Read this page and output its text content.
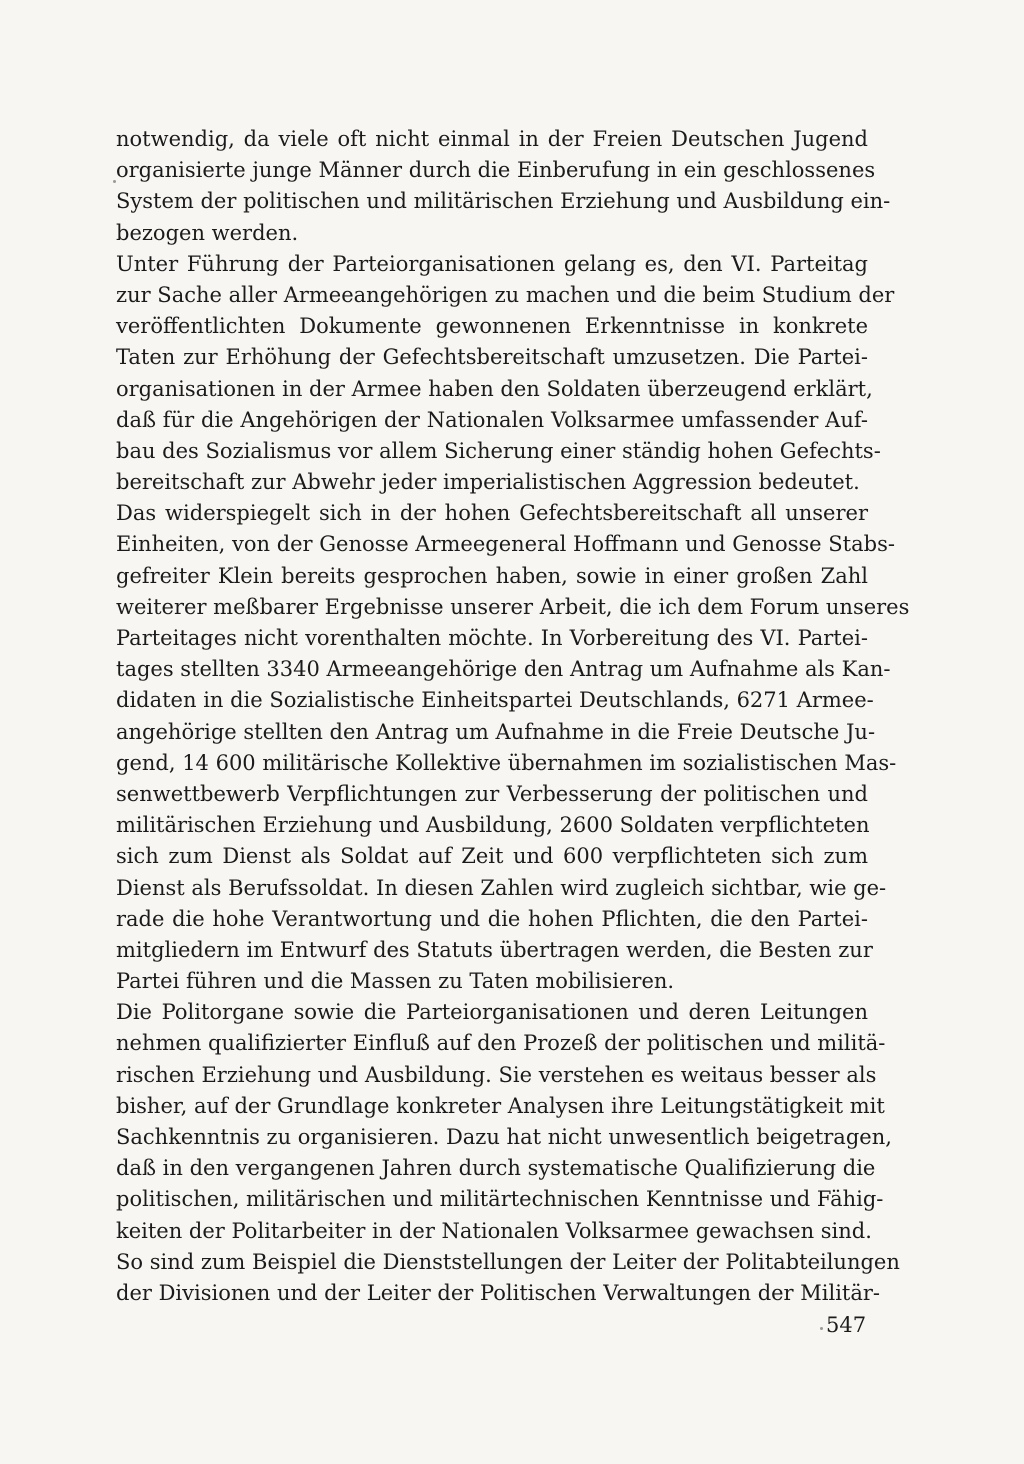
notwendig, da viele oft nicht einmal in der Freien Deutschen Jugend
organisierte junge Männer durch die Einberufung in ein geschlossenes
System der politischen und militärischen Erziehung und Ausbildung ein-
bezogen werden.
Unter Führung der Parteiorganisationen gelang es, den VI. Parteitag
zur Sache aller Armeeangehörigen zu machen und die beim Studium der
veröffentlichten Dokumente gewonnenen Erkenntnisse in konkrete
Taten zur Erhöhung der Gefechtsbereitschaft umzusetzen. Die Partei-
organisationen in der Armee haben den Soldaten überzeugend erklärt,
daß für die Angehörigen der Nationalen Volksarmee umfassender Auf-
bau des Sozialismus vor allem Sicherung einer ständig hohen Gefechts-
bereitschaft zur Abwehr jeder imperialistischen Aggression bedeutet.
Das widerspiegelt sich in der hohen Gefechtsbereitschaft all unserer
Einheiten, von der Genosse Armeegeneral Hoffmann und Genosse Stabs-
gefreiter Klein bereits gesprochen haben, sowie in einer großen Zahl
weiterer meßbarer Ergebnisse unserer Arbeit, die ich dem Forum unseres
Parteitages nicht vorenthalten möchte. In Vorbereitung des VI. Partei-
tages stellten 3340 Armeeangehörige den Antrag um Aufnahme als Kan-
didaten in die Sozialistische Einheitspartei Deutschlands, 6271 Armee-
angehörige stellten den Antrag um Aufnahme in die Freie Deutsche Ju-
gend, 14 600 militärische Kollektive übernahmen im sozialistischen Mas-
senwettbewerb Verpflichtungen zur Verbesserung der politischen und
militärischen Erziehung und Ausbildung, 2600 Soldaten verpflichteten
sich zum Dienst als Soldat auf Zeit und 600 verpflichteten sich zum
Dienst als Berufssoldat. In diesen Zahlen wird zugleich sichtbar, wie ge-
rade die hohe Verantwortung und die hohen Pflichten, die den Partei-
mitgliedern im Entwurf des Statuts übertragen werden, die Besten zur
Partei führen und die Massen zu Taten mobilisieren.
Die Politorgane sowie die Parteiorganisationen und deren Leitungen
nehmen qualifizierter Einfluß auf den Prozeß der politischen und militä-
rischen Erziehung und Ausbildung. Sie verstehen es weitaus besser als
bisher, auf der Grundlage konkreter Analysen ihre Leitungstätigkeit mit
Sachkenntnis zu organisieren. Dazu hat nicht unwesentlich beigetragen,
daß in den vergangenen Jahren durch systematische Qualifizierung die
politischen, militärischen und militärtechnischen Kenntnisse und Fähig-
keiten der Politarbeiter in der Nationalen Volksarmee gewachsen sind.
So sind zum Beispiel die Dienststellungen der Leiter der Politabteilungen
der Divisionen und der Leiter der Politischen Verwaltungen der Militär-
547
